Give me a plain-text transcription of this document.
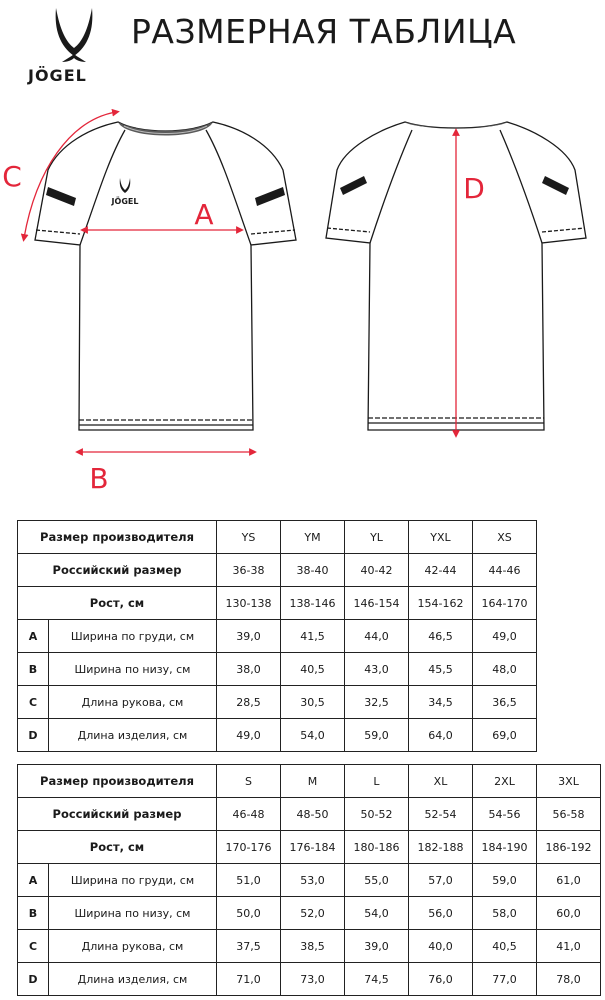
JÖGEL
РАЗМЕРНАЯ ТАБЛИЦА
JÖGEL A
B
C	D
Размер производителя		YS	YM	YL	YXL	XS
Российский размер		36-38	38-40	40-42	42-44	44-46
Рост, см		130-138	138-146	146-154	154-162	164-170
A	Ширина по груди, см	39,0	41,5	44,0	46,5	49,0
B	Ширина по низу, см	38,0	40,5	43,0	45,5	48,0
C	Длина рукова, см	28,5	30,5	32,5	34,5	36,5
D	Длина изделия, см	49,0	54,0	59,0	64,0	69,0
Размер производителя		S	M	L	XL	2XL	3XL
Российский размер		46-48	48-50	50-52	52-54	54-56	56-58
Рост, см		170-176	176-184	180-186	182-188	184-190	186-192
A	Ширина по груди, см	51,0	53,0	55,0	57,0	59,0	61,0
B	Ширина по низу, см	50,0	52,0	54,0	56,0	58,0	60,0
C	Длина рукова, см	37,5	38,5	39,0	40,0	40,5	41,0
D	Длина изделия, см	71,0	73,0	74,5	76,0	77,0	78,0
